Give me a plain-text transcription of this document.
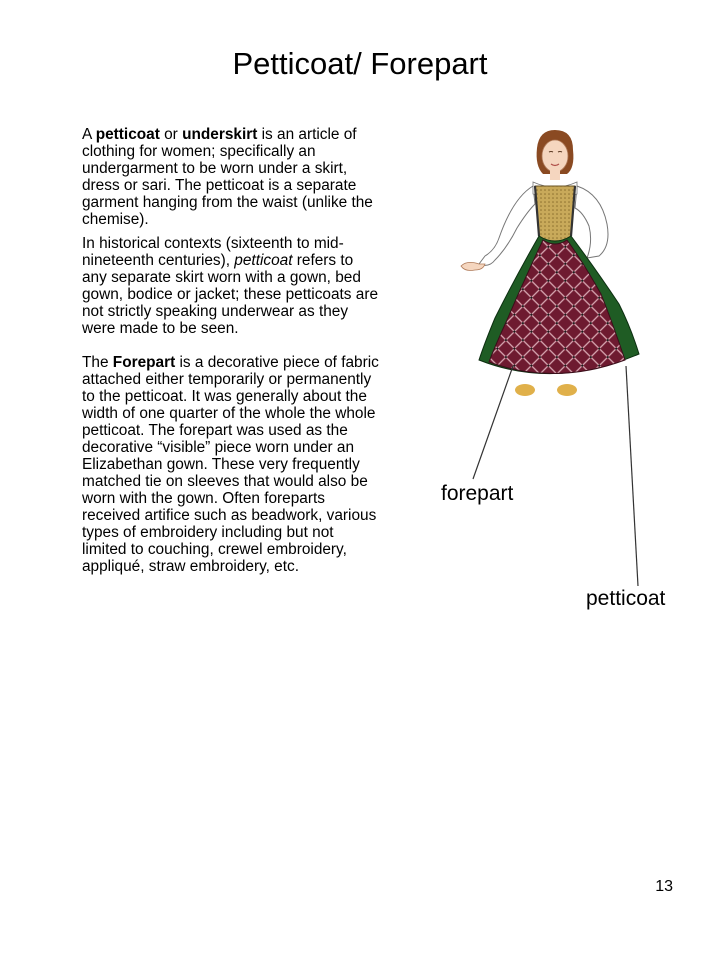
Petticoat/ Forepart

A petticoat or underskirt is an article of clothing for women; specifically an undergarment to be worn under a skirt, dress or sari. The petticoat is a separate garment hanging from the waist (unlike the chemise).

In historical contexts (sixteenth to mid-nineteenth centuries), petticoat refers to any separate skirt worn with a gown, bed gown, bodice or jacket; these petticoats are not strictly speaking underwear as they were made to be seen.

The Forepart is a decorative piece of fabric attached either temporarily or permanently to the petticoat. It was generally about the width of one quarter of the whole the whole petticoat. The forepart was used as the decorative “visible” piece worn under an Elizabethan gown. These very frequently matched tie on sleeves that would also be worn with the gown. Often foreparts received artifice such as beadwork, various types of embroidery including but not limited to couching, crewel embroidery, appliqué, straw embroidery, etc.

forepart
petticoat
13
